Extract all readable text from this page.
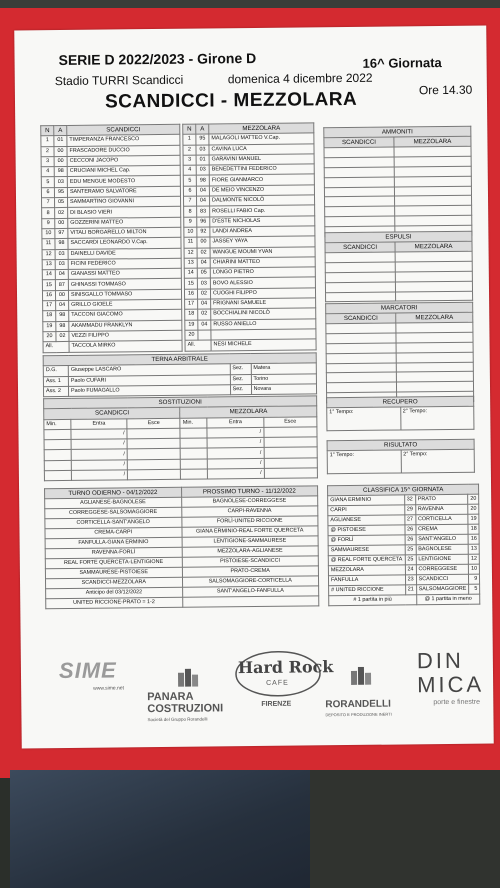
SERIE D 2022/2023 - Girone D	16^ Giornata
Stadio TURRI Scandicci	domenica 4 dicembre 2022
Ore 14.30
SCANDICCI - MEZZOLARA
N	A	SCANDICCI
1	01	TIMPERANZA FRANCESCO
2	00	FRASCADORE DUCCIO
3	00	CECCONI JACOPO
4	98	CRUCIANI MICHEL Cap.
5	03	EDU MENGUE MODESTO
6	95	SANTERAMO SALVATORE
7	05	SAMMARTINO GIOVANNI
8	02	DI BLASIO VIERI
9	00	GOZZERINI MATTEO
10	97	VITALI BORGARELLO MILTON
11	98	SACCARDI LEONARDO V.Cap.
12	03	DAINELLI DAVIDE
13	03	FICINI FEDERICO
14	04	GIANASSI MATTEO
15	87	GHINASSI TOMMASO
16	00	SINISGALLO TOMMASO
17	04	GRILLO GIOELE
18	98	TACCONI GIACOMO
19	98	AKAMMADU FRANKLYN
20	02	VEZZI FILIPPO
All.		TACCOLA MIRKO
N	A	MEZZOLARA
1	95	MALAGOLI MATTEO V.Cap.
2	03	CAVINA LUCA
3	01	GARAVINI MANUEL
4	03	BENEDETTINI FEDERICO
5	98	FIORE GIANMARCO
6	04	DE MEIO VINCENZO
7	04	DALMONTE NICOLÒ
8	83	ROSELLI FABIO Cap.
9	96	D'ESTE NICHOLAS
10	92	LANDI ANDREA
11	00	JASSEY YAYA
12	02	WANGUE MOUMI YVAN
13	04	CHIARINI MATTEO
14	05	LONGO PIETRO
15	03	BOVO ALESSIO
16	02	CUOGHI FILIPPO
17	04	FRIGNANI SAMUELE
18	02	BOCCHIALINI NICOLÒ
19	04	RUSSO ANIELLO
20		
All.		NESI MICHELE
TERNA ARBITRALE			
D.G.	Giuseppe LASCARO	Sez.	Matera
Ass. 1	Paolo CUFARI	Sez.	Torino
Ass. 2	Paolo FUMAGALLO	Sez.	Novara
SOSTITUZIONI					
SCANDICCI			MEZZOLARA		
Min.	Entra	Esce	Min.	Entra	Esce
	/			/	
	/			/	
	/			/	
	/			/	
	/			/	
AMMONITI	
SCANDICCI	MEZZOLARA

ESPULSI	
SCANDICCI	MEZZOLARA

MARCATORI	
SCANDICCI	MEZZOLARA

RECUPERO
1° Tempo:	2° Tempo:
RISULTATO
1° Tempo:	2° Tempo:
TURNO ODIERNO - 04/12/2022	PROSSIMO TURNO - 11/12/2022
AGLIANESE-BAGNOLESE	BAGNOLESE-CORREGGESE
CORREGGESE-SALSOMAGGIORE	CARPI-RAVENNA
CORTICELLA-SANT'ANGELO	FORLÌ-UNITED RICCIONE
CREMA-CARPI	GIANA ERMINIO-REAL FORTE QUERCETA
FANFULLA-GIANA ERMINIO	LENTIGIONE-SAMMAURESE
RAVENNA-FORLÌ	MEZZOLARA-AGLIANESE
REAL FORTE QUERCETA-LENTIGIONE	PISTOIESE-SCANDICCI
SAMMAURESE-PISTOIESE	PRATO-CREMA
SCANDICCI-MEZZOLARA	SALSOMAGGIORE-CORTICELLA
Anticipo del 03/12/2022	SANT'ANGELO-FANFULLA
UNITED RICCIONE-PRATO = 1-2	
CLASSIFICA 15^ GIORNATA			
GIANA ERMINIO	32	PRATO	20
CARPI	29	RAVENNA	20
AGLIANESE	27	CORTICELLA	19
@ PISTOIESE	26	CREMA	18
@ FORLÌ	26	SANT'ANGELO	16
SAMMAURESE	25	BAGNOLESE	13
@ REAL FORTE QUERCETA	25	LENTIGIONE	12
MEZZOLARA	24	CORREGGESE	10
FANFULLA	23	SCANDICCI	9
# UNITED RICCIONE	21	SALSOMAGGIORE	5
# 1 partita in più		@ 1 partita in meno	
SIME
www.sime.net
PANARA
COSTRUZIONI
Società del Gruppo Rorandelli
Hard Rock
CAFE
FIRENZE	RORANDELLI
DEPOSITO E PRODUZIONE INERTI
DIN
MICA
porte e finestre
